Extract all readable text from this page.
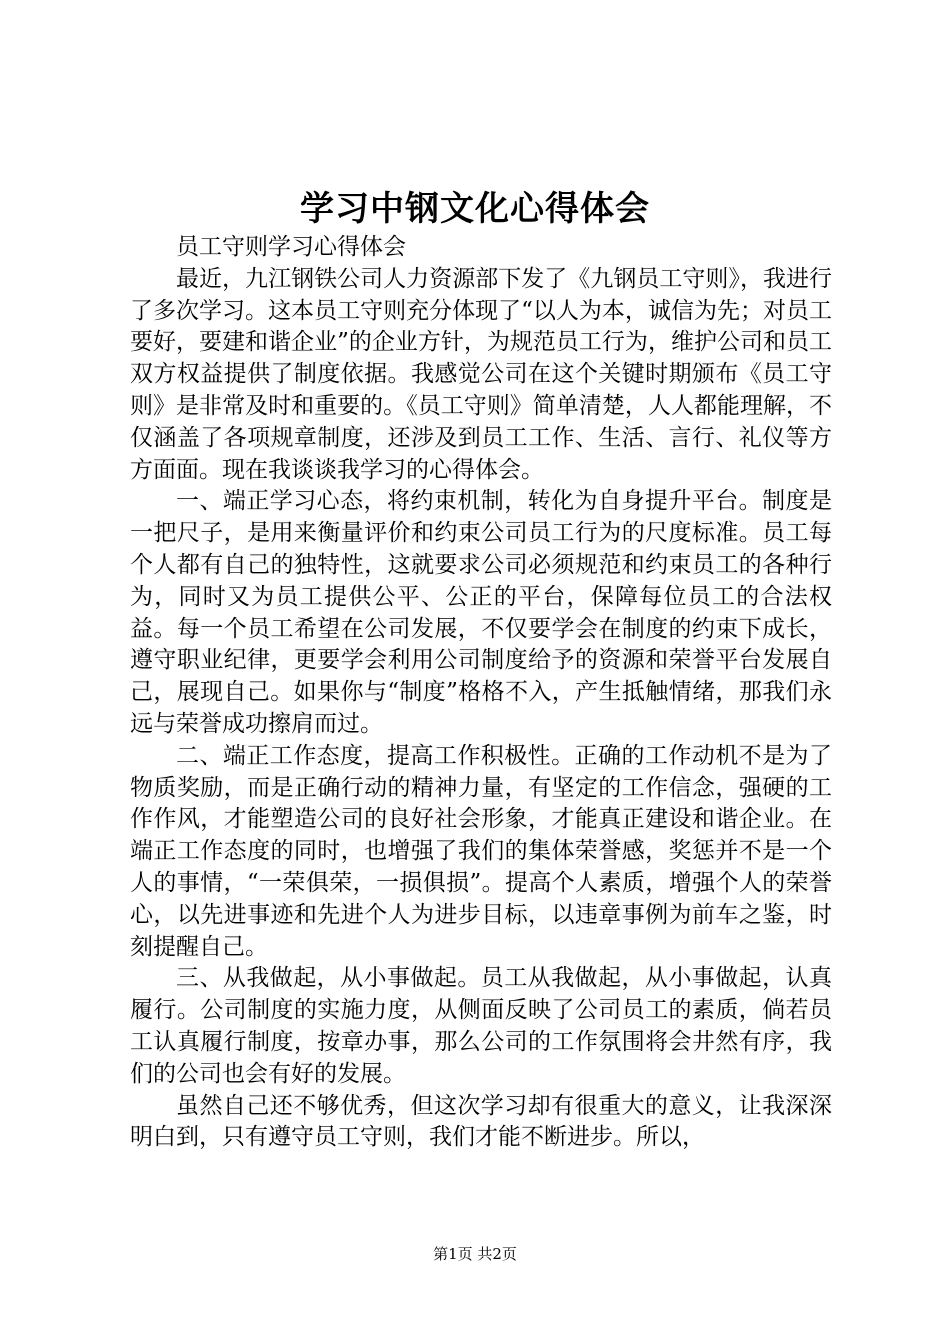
学习中钢文化心得体会

员工守则学习心得体会

最近，九江钢铁公司人力资源部下发了《九钢员工守则》，我进行了多次学习。这本员工守则充分体现了“以人为本，诚信为先；对员工要好，要建和谐企业”的企业方针，为规范员工行为，维护公司和员工双方权益提供了制度依据。我感觉公司在这个关键时期颁布《员工守则》是非常及时和重要的。《员工守则》简单清楚，人人都能理解，不仅涵盖了各项规章制度，还涉及到员工工作、生活、言行、礼仪等方方面面。现在我谈谈我学习的心得体会。

一、端正学习心态，将约束机制，转化为自身提升平台。制度是一把尺子，是用来衡量评价和约束公司员工行为的尺度标准。员工每个人都有自己的独特性，这就要求公司必须规范和约束员工的各种行为，同时又为员工提供公平、公正的平台，保障每位员工的合法权益。每一个员工希望在公司发展，不仅要学会在制度的约束下成长，遵守职业纪律，更要学会利用公司制度给予的资源和荣誉平台发展自己，展现自己。如果你与“制度”格格不入，产生抵触情绪，那我们永远与荣誉成功擦肩而过。

二、端正工作态度，提高工作积极性。正确的工作动机不是为了物质奖励，而是正确行动的精神力量，有坚定的工作信念，强硬的工作作风，才能塑造公司的良好社会形象，才能真正建设和谐企业。在端正工作态度的同时，也增强了我们的集体荣誉感，奖惩并不是一个人的事情，“一荣俱荣，一损俱损”。提高个人素质，增强个人的荣誉心，以先进事迹和先进个人为进步目标，以违章事例为前车之鉴，时刻提醒自己。

三、从我做起，从小事做起。员工从我做起，从小事做起，认真履行。公司制度的实施力度，从侧面反映了公司员工的素质，倘若员工认真履行制度，按章办事，那么公司的工作氛围将会井然有序，我们的公司也会有好的发展。

虽然自己还不够优秀，但这次学习却有很重大的意义，让我深深明白到，只有遵守员工守则，我们才能不断进步。所以，

第1页 共2页
